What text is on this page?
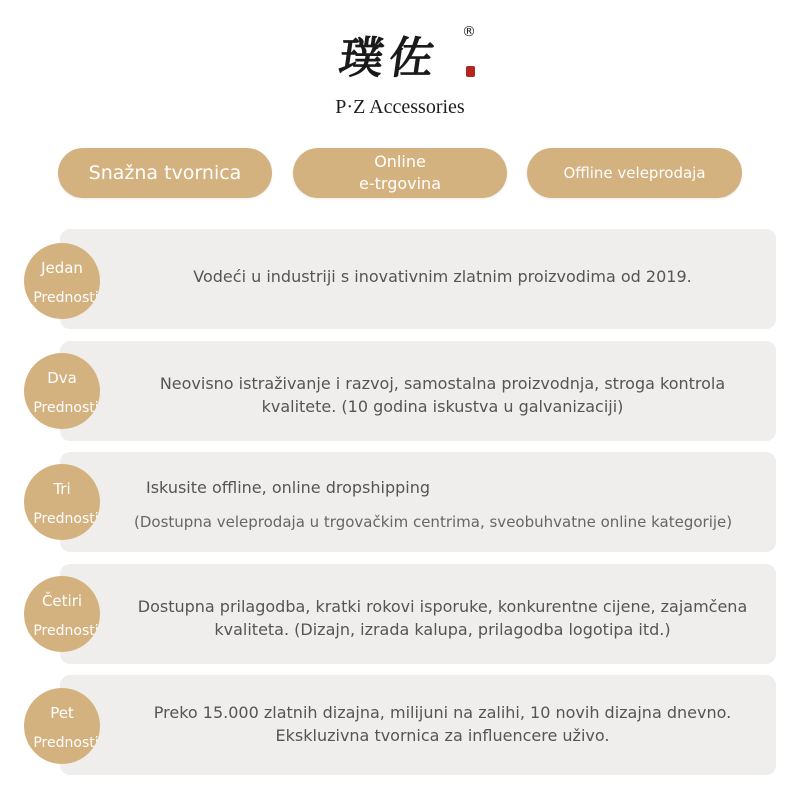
璞佐
®
P·Z Accessories
Snažna tvornica
Online
e-trgovina
Offline veleprodaja
Jedan
Prednosti
Vodeći u industriji s inovativnim zlatnim proizvodima od 2019.
Dva
Prednosti
Neovisno istraživanje i razvoj, samostalna proizvodnja, stroga kontrola kvalitete. (10 godina iskustva u galvanizaciji)
Tri
Prednosti
Iskusite offline, online dropshipping
(Dostupna veleprodaja u trgovačkim centrima, sveobuhvatne online kategorije)
Četiri
Prednosti
Dostupna prilagodba, kratki rokovi isporuke, konkurentne cijene, zajamčena kvaliteta. (Dizajn, izrada kalupa, prilagodba logotipa itd.)
Pet
Prednosti
Preko 15.000 zlatnih dizajna, milijuni na zalihi, 10 novih dizajna dnevno. Ekskluzivna tvornica za influencere uživo.
